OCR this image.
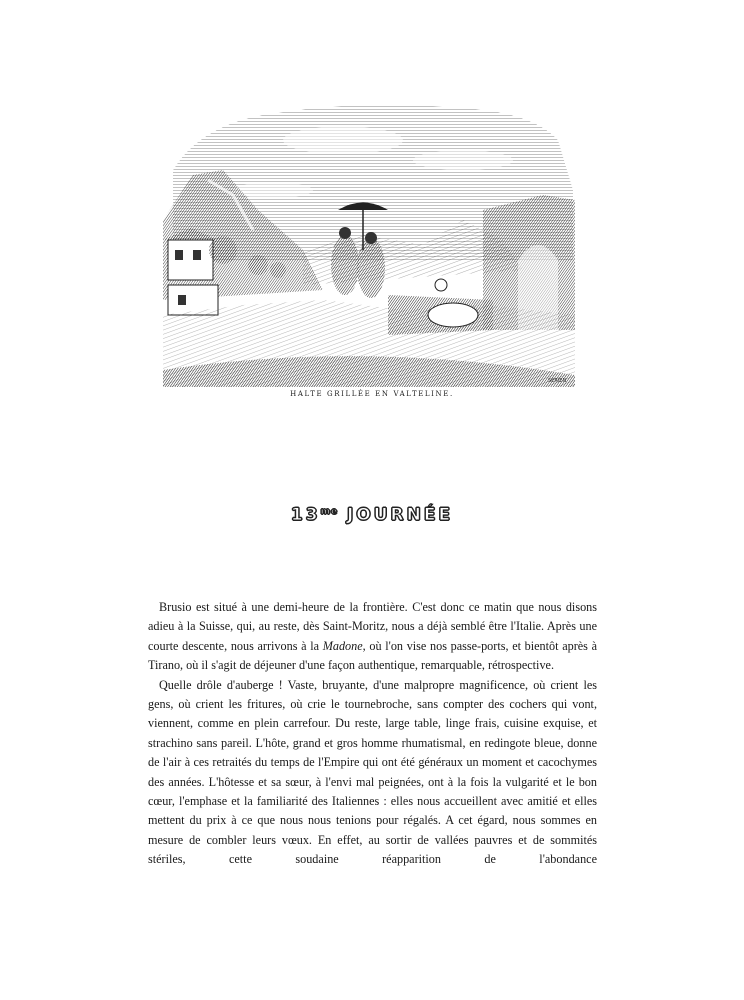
SÉRIEN
HALTE GRILLÉE EN VALTELINE.
$13^{me}$ JOURNÉE

Brusio est situé à une demi-heure de la frontière. C'est donc ce matin que nous disons adieu à la Suisse, qui, au reste, dès Saint-Moritz, nous a déjà semblé être l'Italie. Après une courte descente, nous arrivons à la Madone, où l'on vise nos passe-ports, et bientôt après à Tirano, où il s'agit de déjeuner d'une façon authentique, remarquable, rétrospective.

Quelle drôle d'auberge ! Vaste, bruyante, d'une malpropre magnificence, où crient les gens, où crient les fritures, où crie le tournebroche, sans compter des cochers qui vont, viennent, comme en plein carrefour. Du reste, large table, linge frais, cuisine exquise, et strachino sans pareil. L'hôte, grand et gros homme rhumatismal, en redingote bleue, donne de l'air à ces retraités du temps de l'Empire qui ont été généraux un moment et cacochymes des années. L'hôtesse et sa sœur, à l'envi mal peignées, ont à la fois la vulgarité et le bon cœur, l'emphase et la familiarité des Italiennes : elles nous accueillent avec amitié et elles mettent du prix à ce que nous nous tenions pour régalés. A cet égard, nous sommes en mesure de combler leurs vœux. En effet, au sortir de vallées pauvres et de sommités stériles, cette soudaine réapparition de l'abondance
